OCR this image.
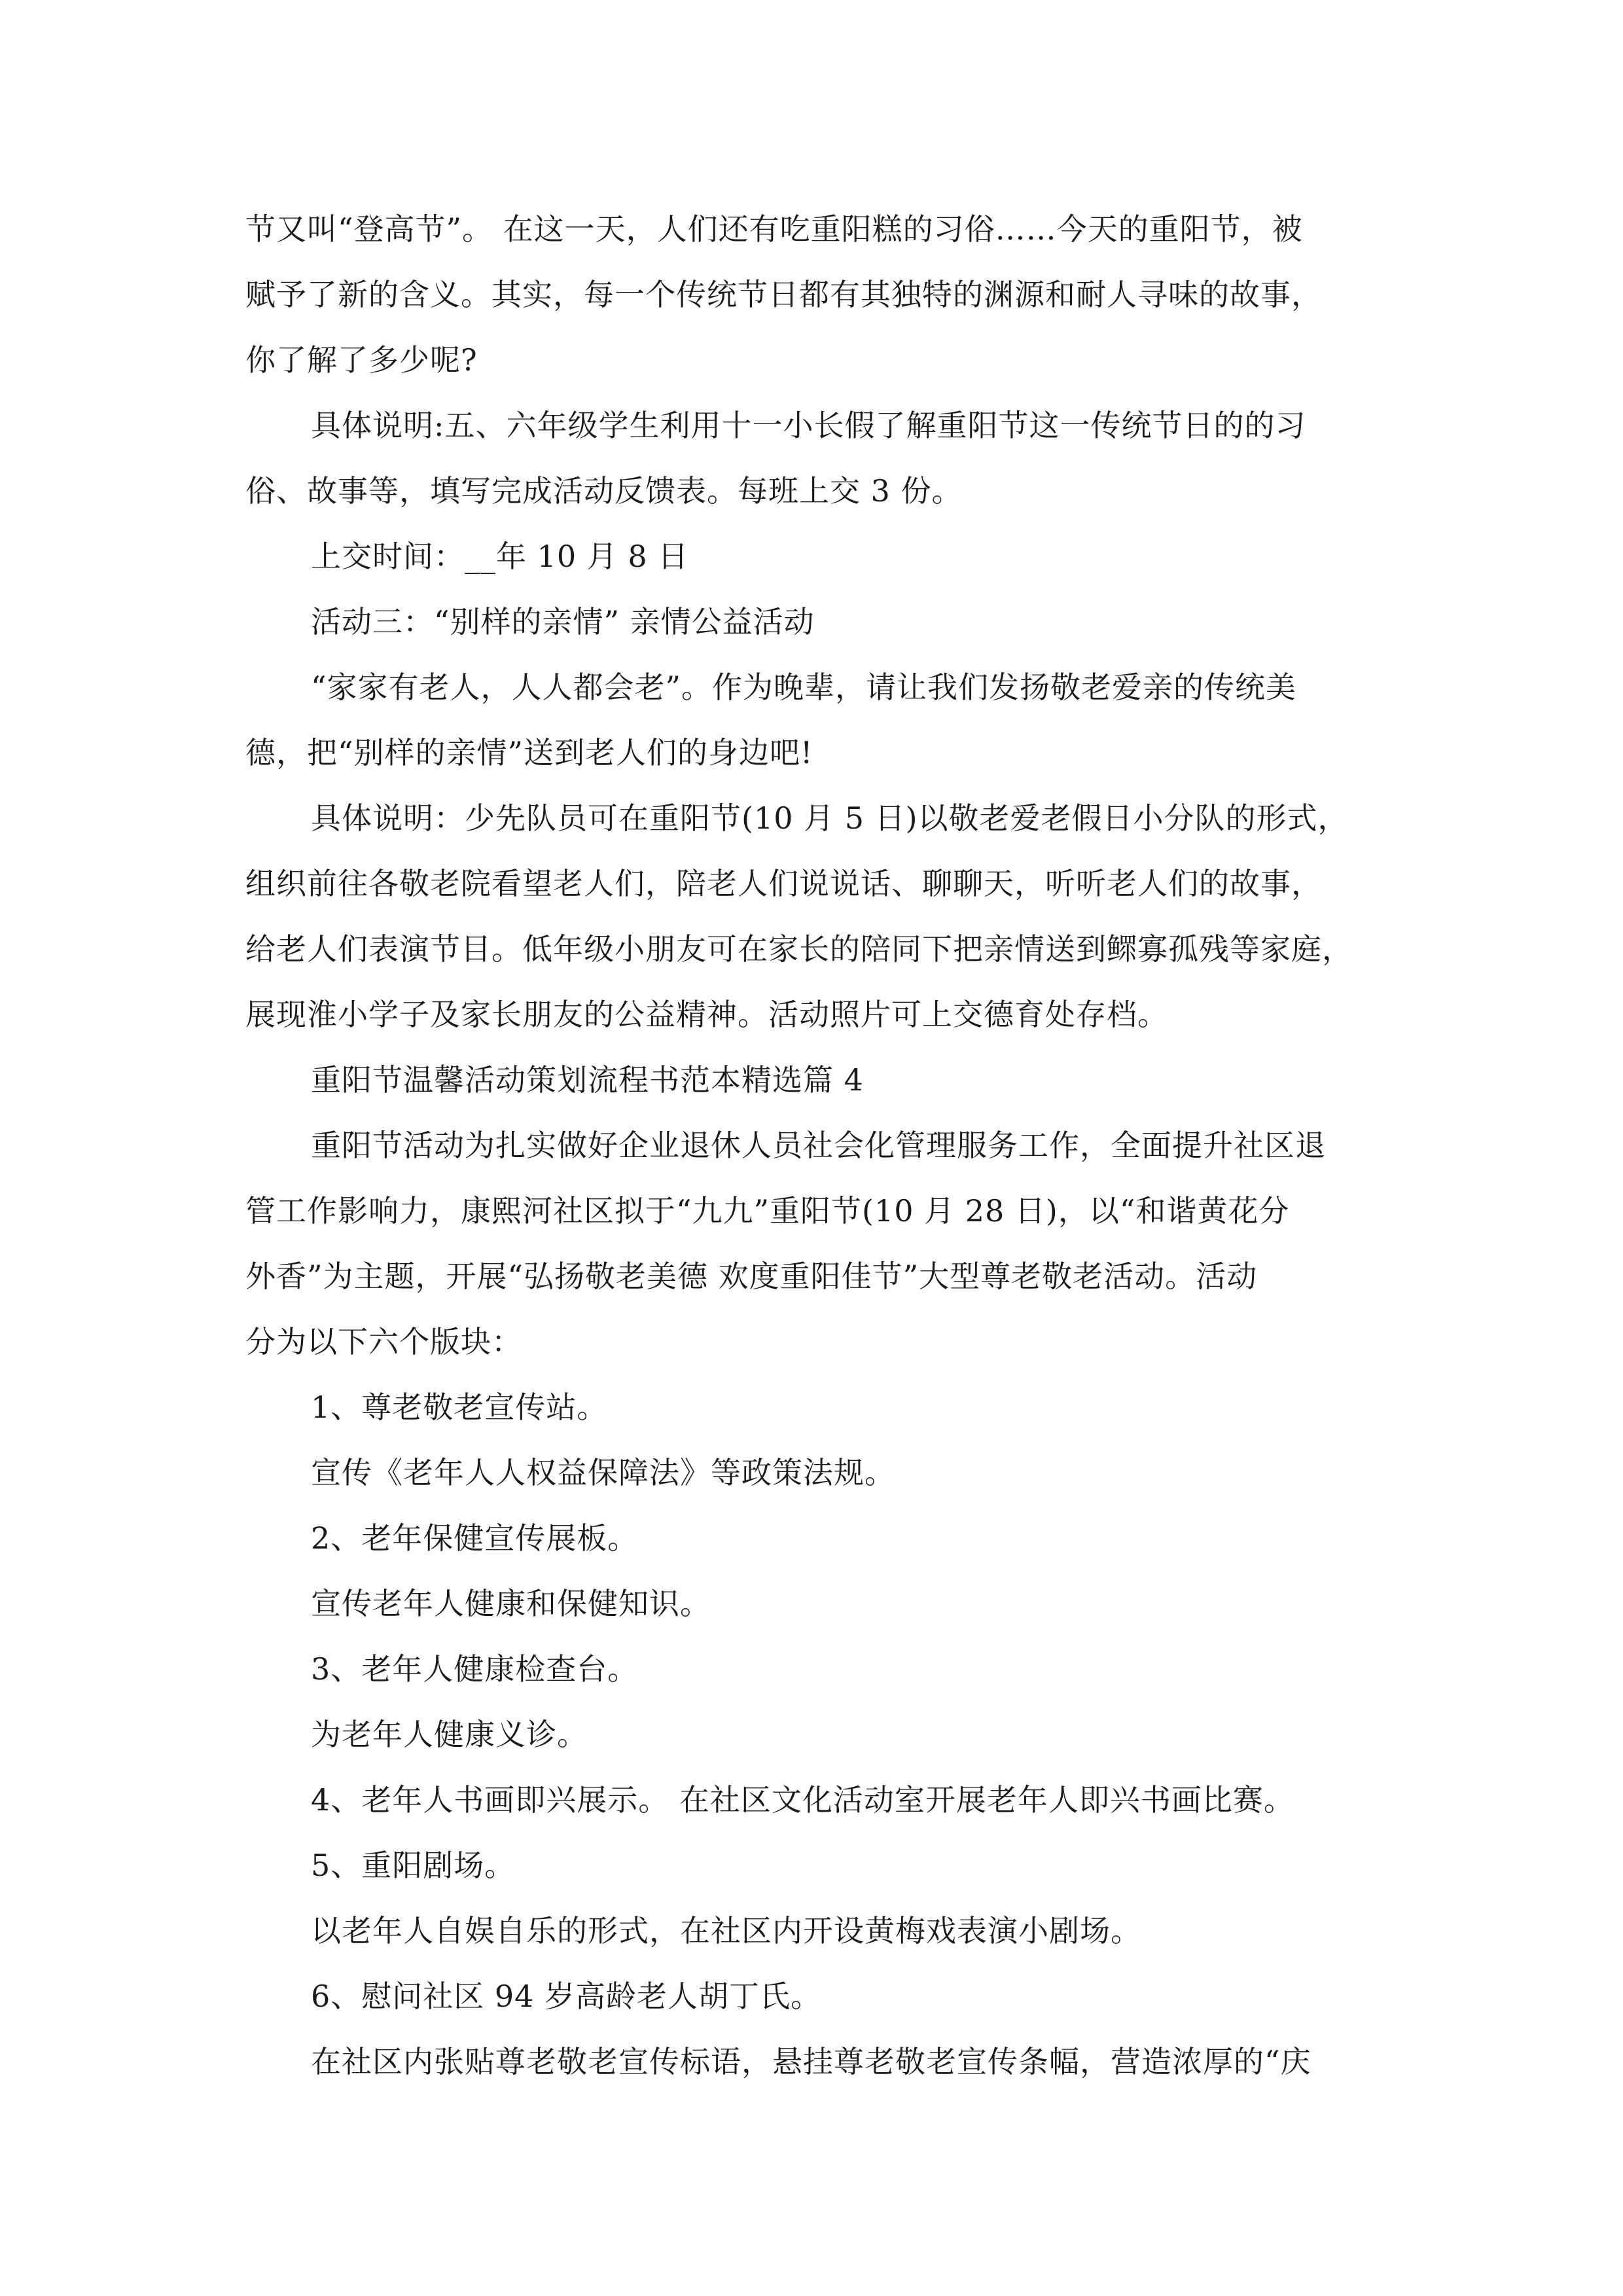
节又叫“登高节”。 在这一天，人们还有吃重阳糕的习俗……今天的重阳节，被
赋予了新的含义。其实，每一个传统节日都有其独特的渊源和耐人寻味的故事，
你了解了多少呢?
具体说明:五、六年级学生利用十一小长假了解重阳节这一传统节日的的习
俗、故事等，填写完成活动反馈表。每班上交 3 份。
上交时间：__年 10 月 8 日
活动三：“别样的亲情” 亲情公益活动
“家家有老人，人人都会老”。作为晚辈，请让我们发扬敬老爱亲的传统美
德，把“别样的亲情”送到老人们的身边吧!
具体说明：少先队员可在重阳节(10 月 5 日)以敬老爱老假日小分队的形式，
组织前往各敬老院看望老人们，陪老人们说说话、聊聊天，听听老人们的故事，
给老人们表演节目。低年级小朋友可在家长的陪同下把亲情送到鳏寡孤残等家庭，
展现淮小学子及家长朋友的公益精神。活动照片可上交德育处存档。
重阳节温馨活动策划流程书范本精选篇 4
重阳节活动为扎实做好企业退休人员社会化管理服务工作，全面提升社区退
管工作影响力，康熙河社区拟于“九九”重阳节(10 月 28 日)，以“和谐黄花分
外香”为主题，开展“弘扬敬老美德 欢度重阳佳节”大型尊老敬老活动。活动
分为以下六个版块：
1、尊老敬老宣传站。
宣传《老年人人权益保障法》等政策法规。
2、老年保健宣传展板。
宣传老年人健康和保健知识。
3、老年人健康检查台。
为老年人健康义诊。
4、老年人书画即兴展示。 在社区文化活动室开展老年人即兴书画比赛。
5、重阳剧场。
以老年人自娱自乐的形式，在社区内开设黄梅戏表演小剧场。
6、慰问社区 94 岁高龄老人胡丁氏。
在社区内张贴尊老敬老宣传标语，悬挂尊老敬老宣传条幅，营造浓厚的“庆
